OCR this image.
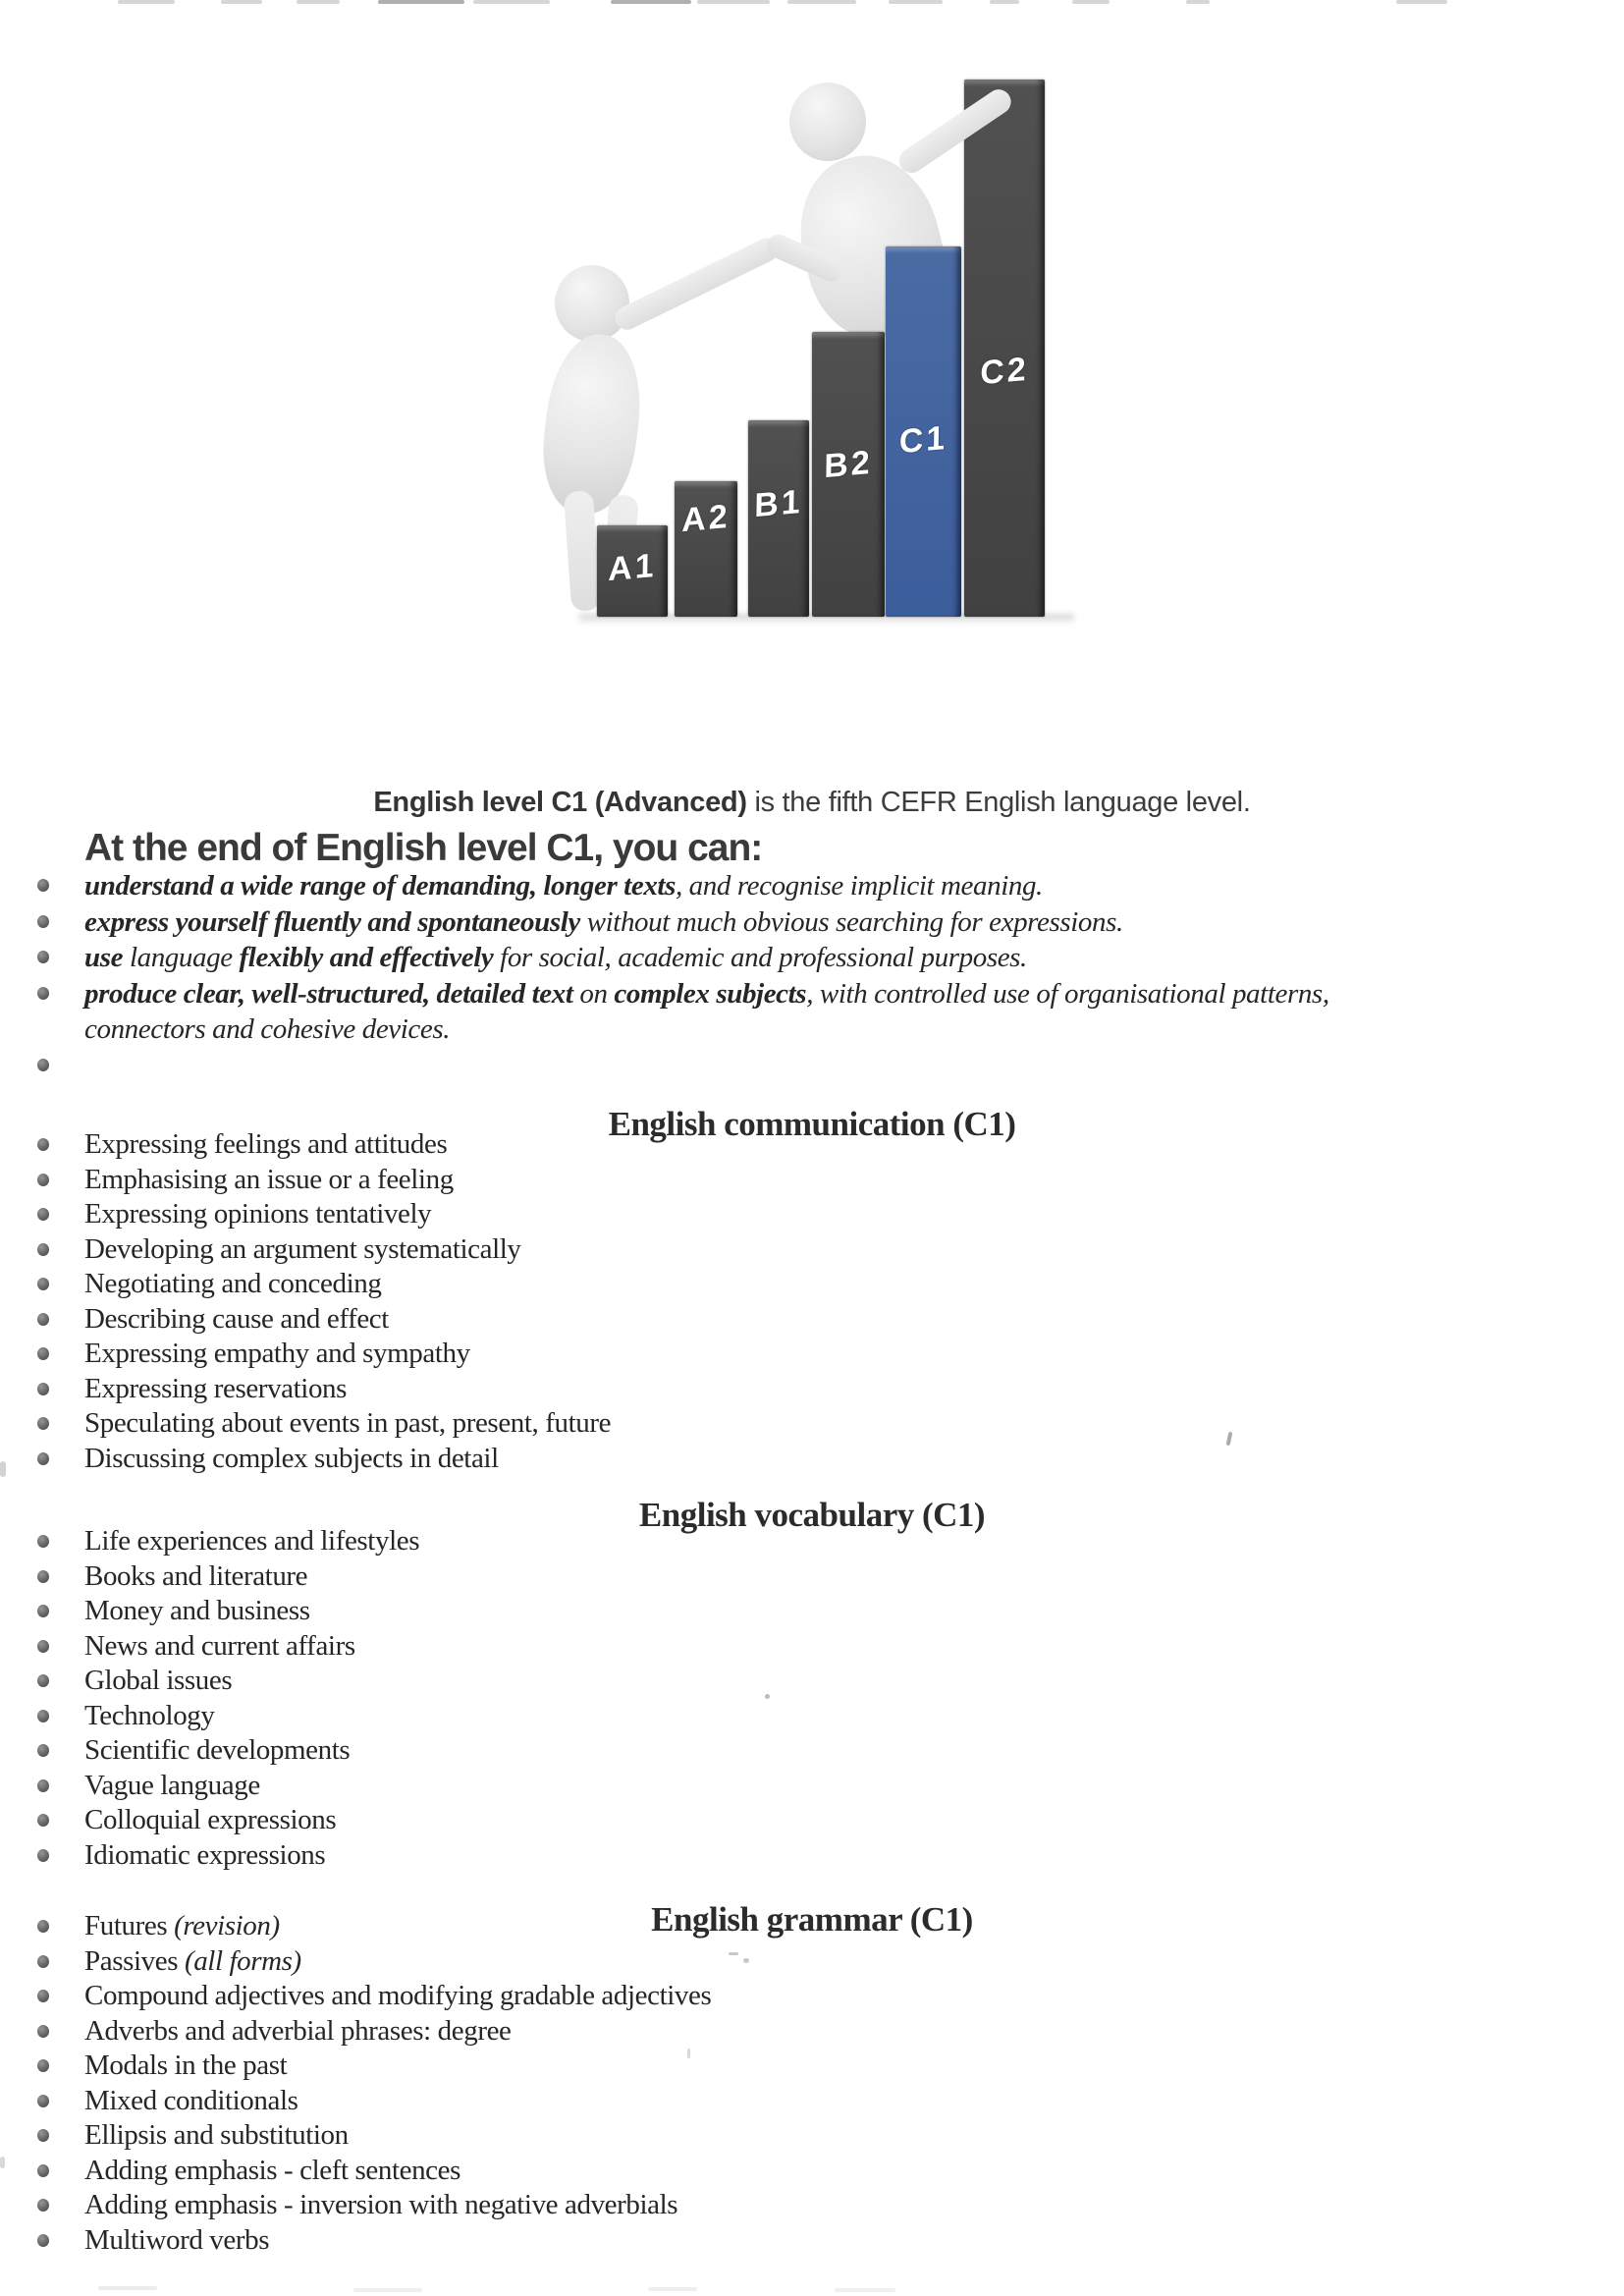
A1
A2 B1
B2
C1
C2

English level C1 (Advanced) is the fifth CEFR English language level.

At the end of English level C1, you can:
understand a wide range of demanding, longer texts, and recognise implicit meaning.
express yourself fluently and spontaneously without much obvious searching for expressions.
use language flexibly and effectively for social, academic and professional purposes.
produce clear, well-structured, detailed text on complex subjects, with controlled use of organisational patterns, connectors and cohesive devices.
English communication (C1)
Expressing feelings and attitudes
Emphasising an issue or a feeling
Expressing opinions tentatively
Developing an argument systematically
Negotiating and conceding
Describing cause and effect
Expressing empathy and sympathy
Expressing reservations
Speculating about events in past, present, future
Discussing complex subjects in detail
English vocabulary (C1)
Life experiences and lifestyles
Books and literature
Money and business
News and current affairs
Global issues
Technology
Scientific developments
Vague language
Colloquial expressions
Idiomatic expressions
English grammar (C1)
Futures (revision)
Passives (all forms)
Compound adjectives and modifying gradable adjectives
Adverbs and adverbial phrases: degree
Modals in the past
Mixed conditionals
Ellipsis and substitution
Adding emphasis - cleft sentences
Adding emphasis - inversion with negative adverbials
Multiword verbs
